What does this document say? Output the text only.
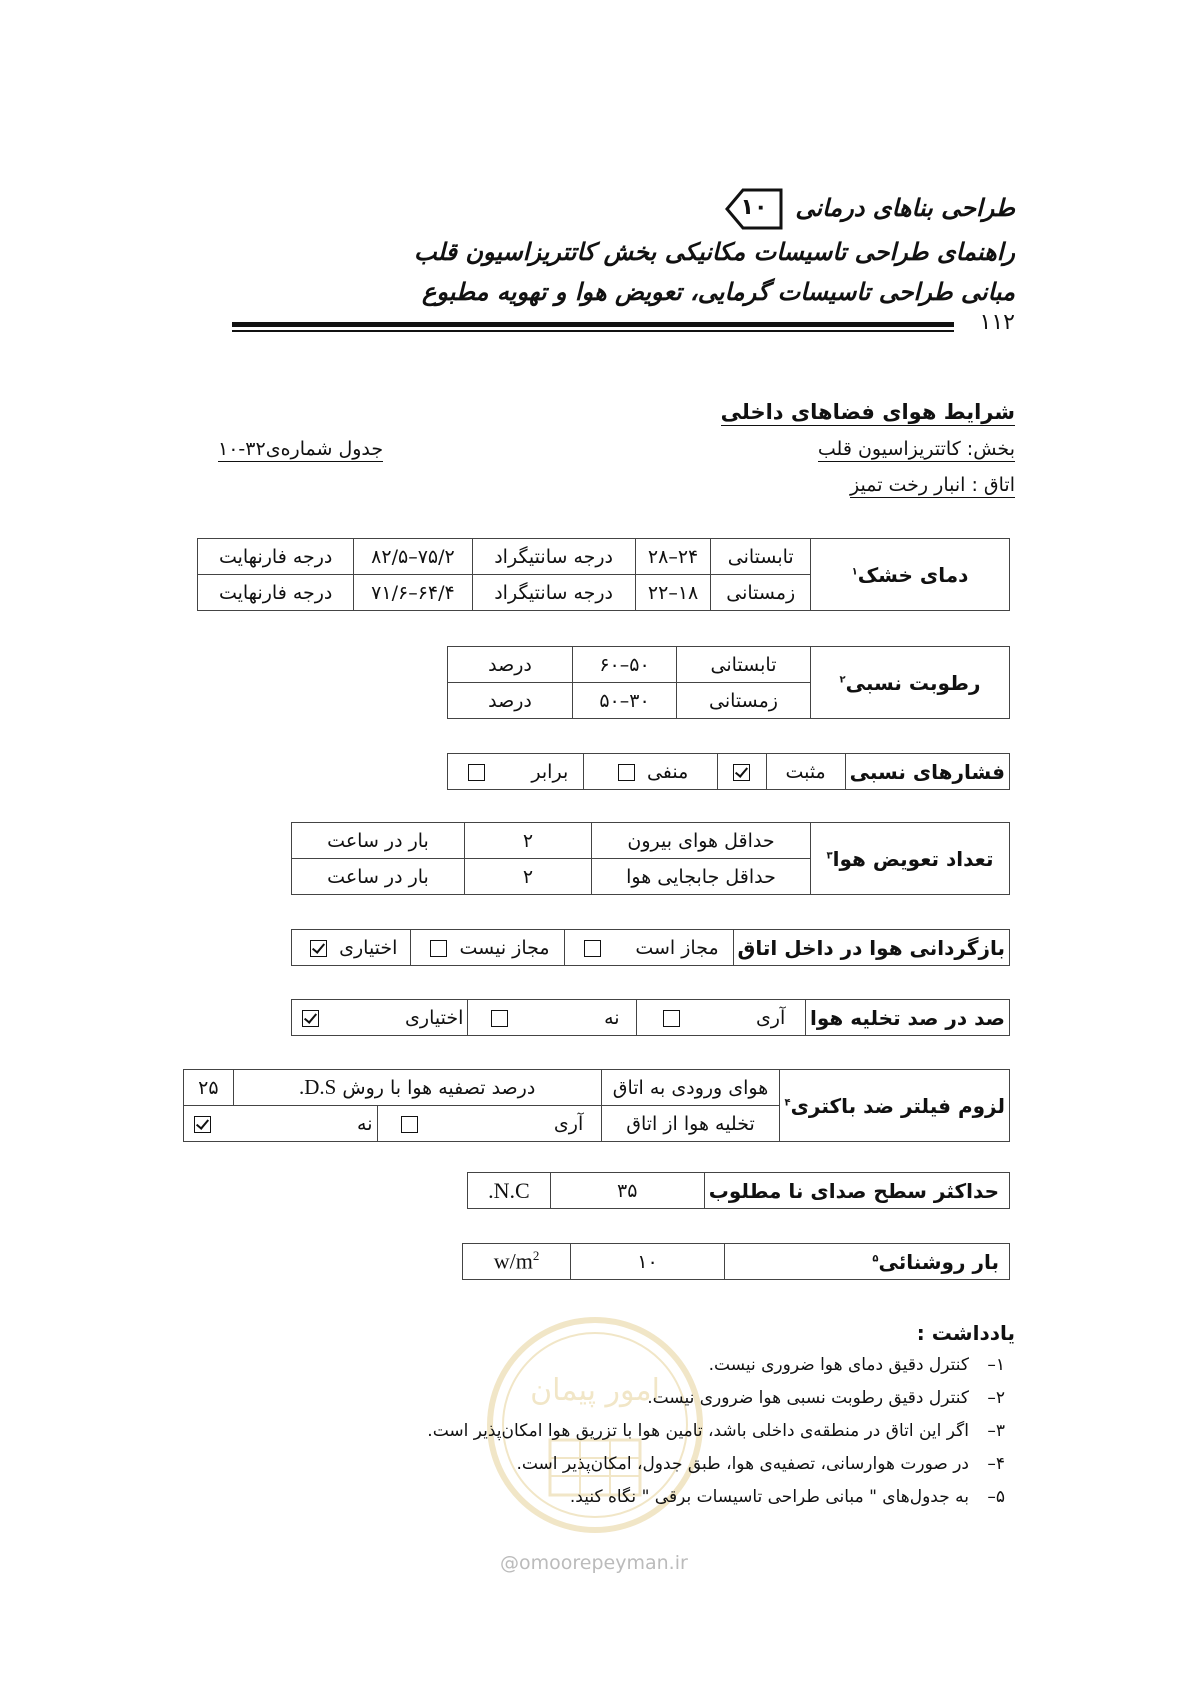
طراحی بناهای درمانی
۱۰
راهنمای طراحی تاسیسات مکانیکی بخش کاتتریزاسیون قلب
مبانی طراحی تاسیسات گرمایی، تعویض هوا و تهویه مطبوع
۱۱۲
شرایط هوای فضاهای داخلی
بخش: کاتتریزاسیون قلب
اتاق : انبار رخت تمیز
جدول شماره‌ی۳۲-۱۰
دمای خشک$^۱$	تابستانی	۲۴–۲۸	درجه سانتیگراد	۷۵/۲–۸۲/۵	درجه فارنهایت
	زمستانی	۱۸–۲۲	درجه سانتیگراد	۶۴/۴–۷۱/۶	درجه فارنهایت
رطوبت نسبی$^۲$	تابستانی	۵۰–۶۰	درصد
	زمستانی	۳۰–۵۰	درصد
فشارهای نسبی	مثبت		منفی	برابر
تعداد تعویض هوا$^۳$	حداقل هوای بیرون	۲	بار در ساعت
	حداقل جابجایی هوا	۲	بار در ساعت
بازگردانی هوا در داخل اتاق	مجاز است	مجاز نیست	اختیاری
صد در صد تخلیه هوا	آری	نه	اختیاری
لزوم فیلتر ضد باکتری$^۴$	هوای ورودی به اتاق	درصد تصفیه هوا با روش D.S.		۲۵
	تخلیه هوا از اتاق	آری	نه	
حداکثر سطح صدای نا مطلوب	۳۵	N.C.
بار روشنائی$^۵$	۱۰	$w/m^2$
امور پیمان
@omoorepeyman.ir
یادداشت :
۱–کنترل دقیق دمای هوا ضروری نیست.
۲–کنترل دقیق رطوبت نسبی هوا ضروری نیست.
۳–اگر این اتاق در منطقه‌ی داخلی باشد، تامین هوا با تزریق هوا امکان‌پذیر است.
۴–در صورت هوارسانی، تصفیه‌ی هوا، طبق جدول، امکان‌پذیر است.
۵–به جدول‌های " مبانی طراحی تاسیسات برقی " نگاه کنید.
